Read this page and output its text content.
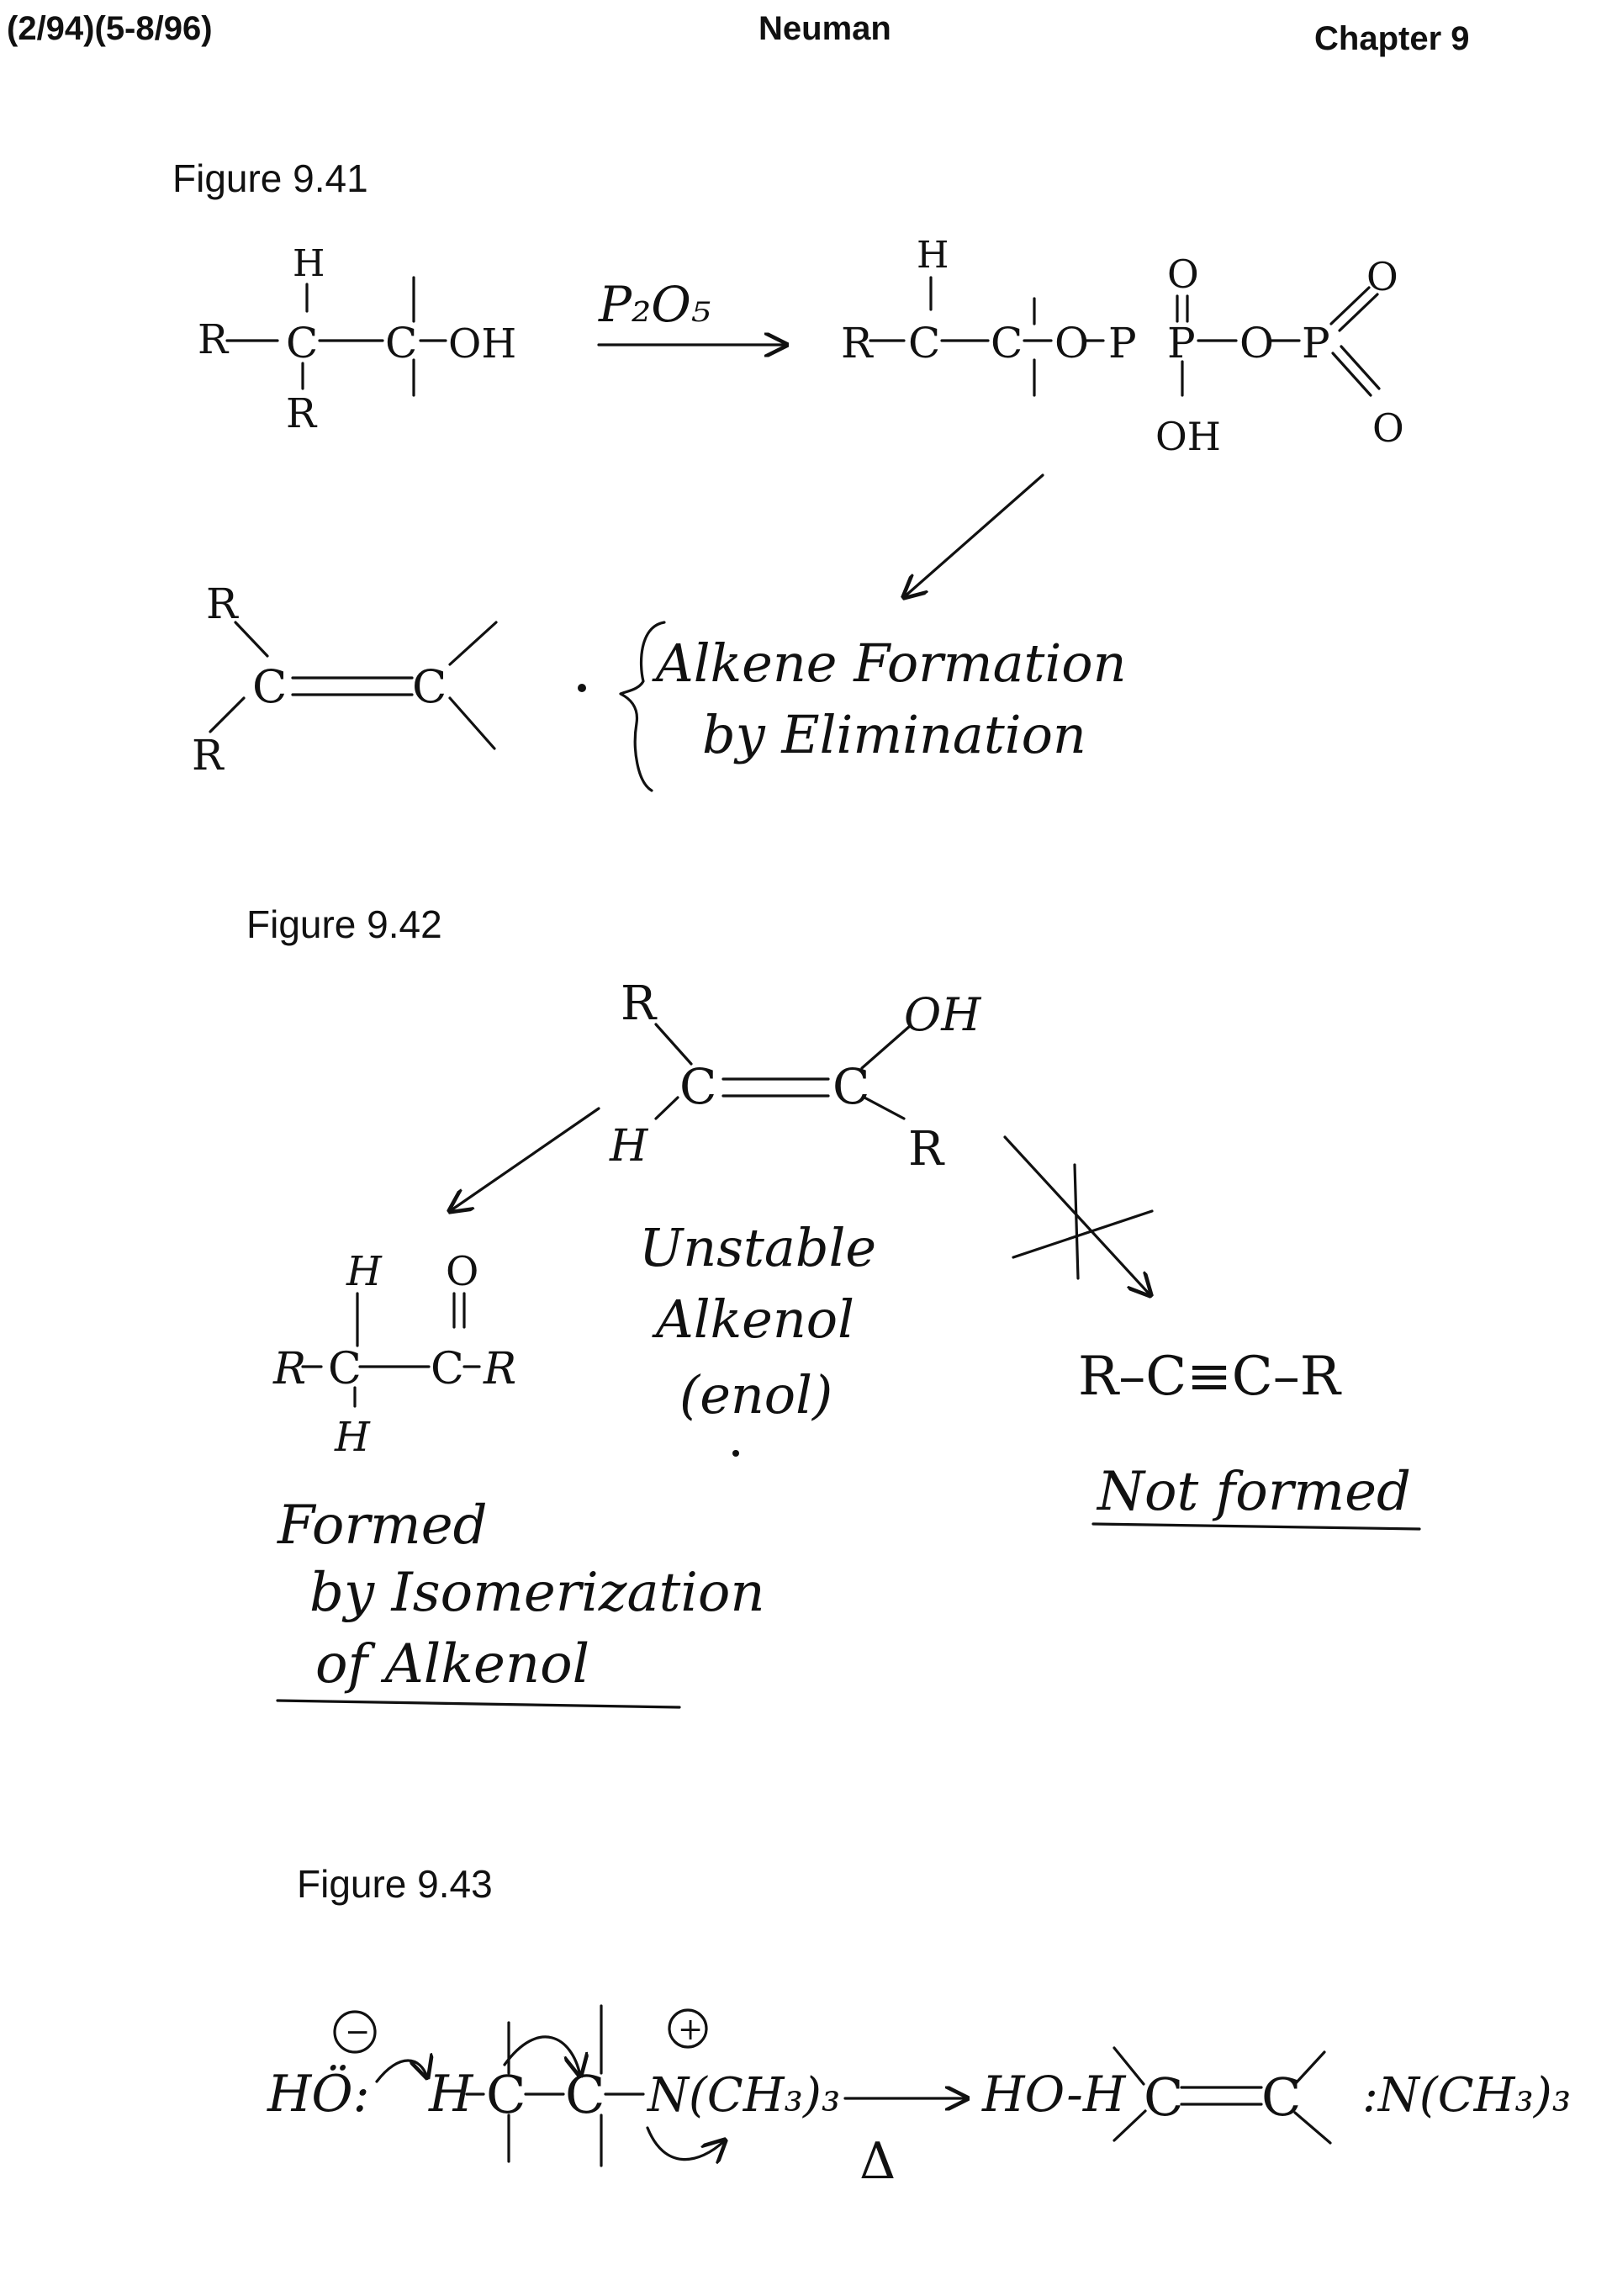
(2/94)(5-8/96)	Neuman	Chapter 9
Figure 9.41
Figure 9.42
Figure 9.43
H
R C C OH
R
P₂O₅
H
R C C O
O
P P O
OH
P
O
O
R
C
R
C	Alkene Formation
by Elimination
R
C
H
C
OH
R
H O
R C C R
H
Unstable
Alkenol
(enol)	R–C≡C–R
Not formed
Formed
by Isomerization
of Alkenol
HÖ:
−
H C C
+
N(CH₃)₃
Δ
HO-H C C :N(CH₃)₃
